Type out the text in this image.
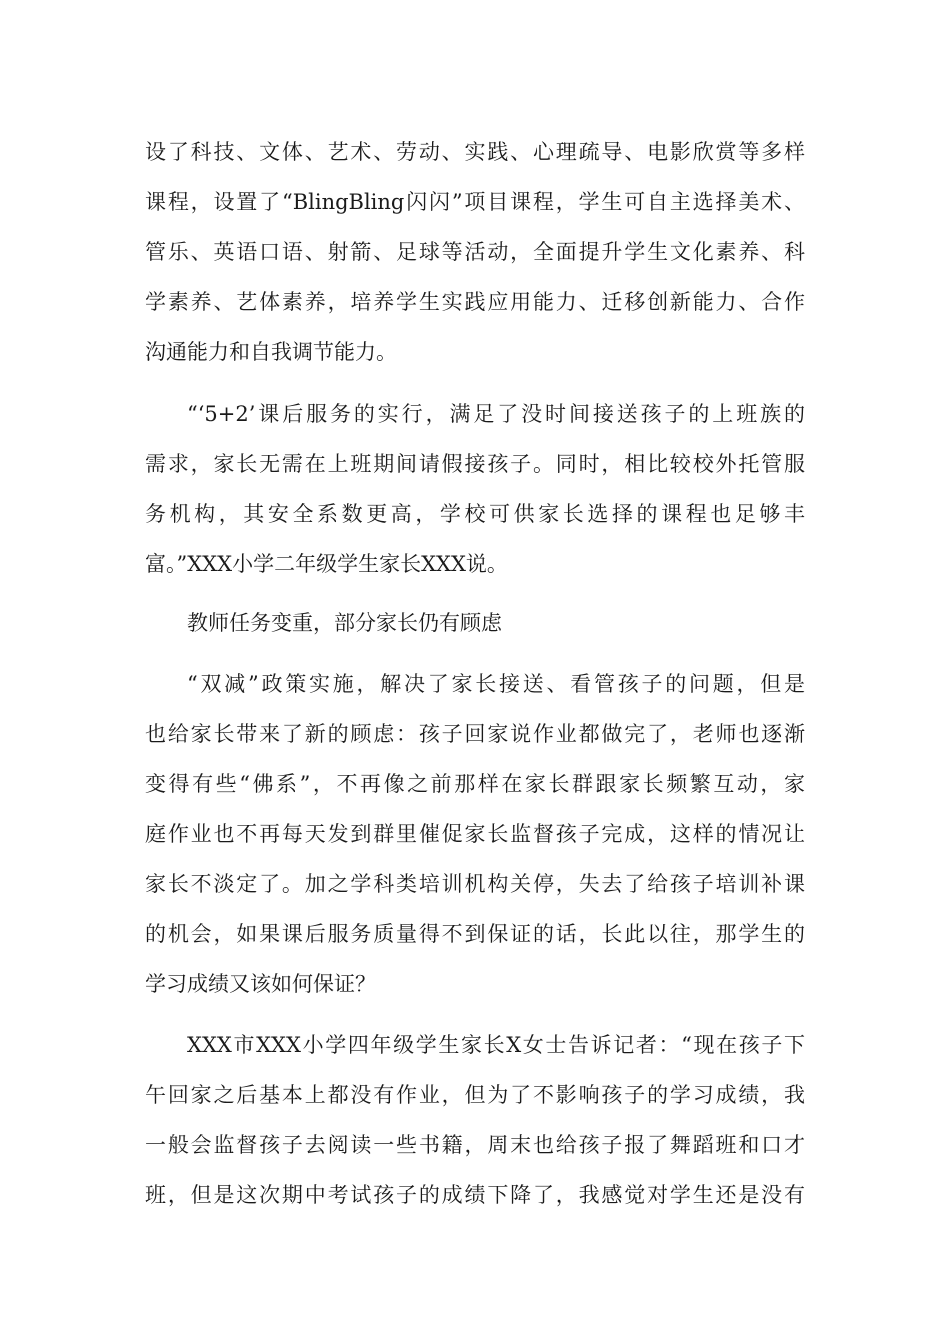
设了科技、文体、艺术、劳动、实践、心理疏导、电影欣赏等多样
课程，设置了“BlingBling闪闪”项目课程，学生可自主选择美术、
管乐、英语口语、射箭、足球等活动，全面提升学生文化素养、科
学素养、艺体素养，培养学生实践应用能力、迁移创新能力、合作
沟通能力和自我调节能力。
“‘5+2’课后服务的实行，满足了没时间接送孩子的上班族的
需求，家长无需在上班期间请假接孩子。同时，相比较校外托管服
务机构，其安全系数更高，学校可供家长选择的课程也足够丰
富。”XXX小学二年级学生家长XXX说。
教师任务变重，部分家长仍有顾虑
“双减”政策实施，解决了家长接送、看管孩子的问题，但是
也给家长带来了新的顾虑：孩子回家说作业都做完了，老师也逐渐
变得有些“佛系”，不再像之前那样在家长群跟家长频繁互动，家
庭作业也不再每天发到群里催促家长监督孩子完成，这样的情况让
家长不淡定了。加之学科类培训机构关停，失去了给孩子培训补课
的机会，如果课后服务质量得不到保证的话，长此以往，那学生的
学习成绩又该如何保证？
XXX市XXX小学四年级学生家长X女士告诉记者：“现在孩子下
午回家之后基本上都没有作业，但为了不影响孩子的学习成绩，我
一般会监督孩子去阅读一些书籍，周末也给孩子报了舞蹈班和口才
班，但是这次期中考试孩子的成绩下降了，我感觉对学生还是没有
